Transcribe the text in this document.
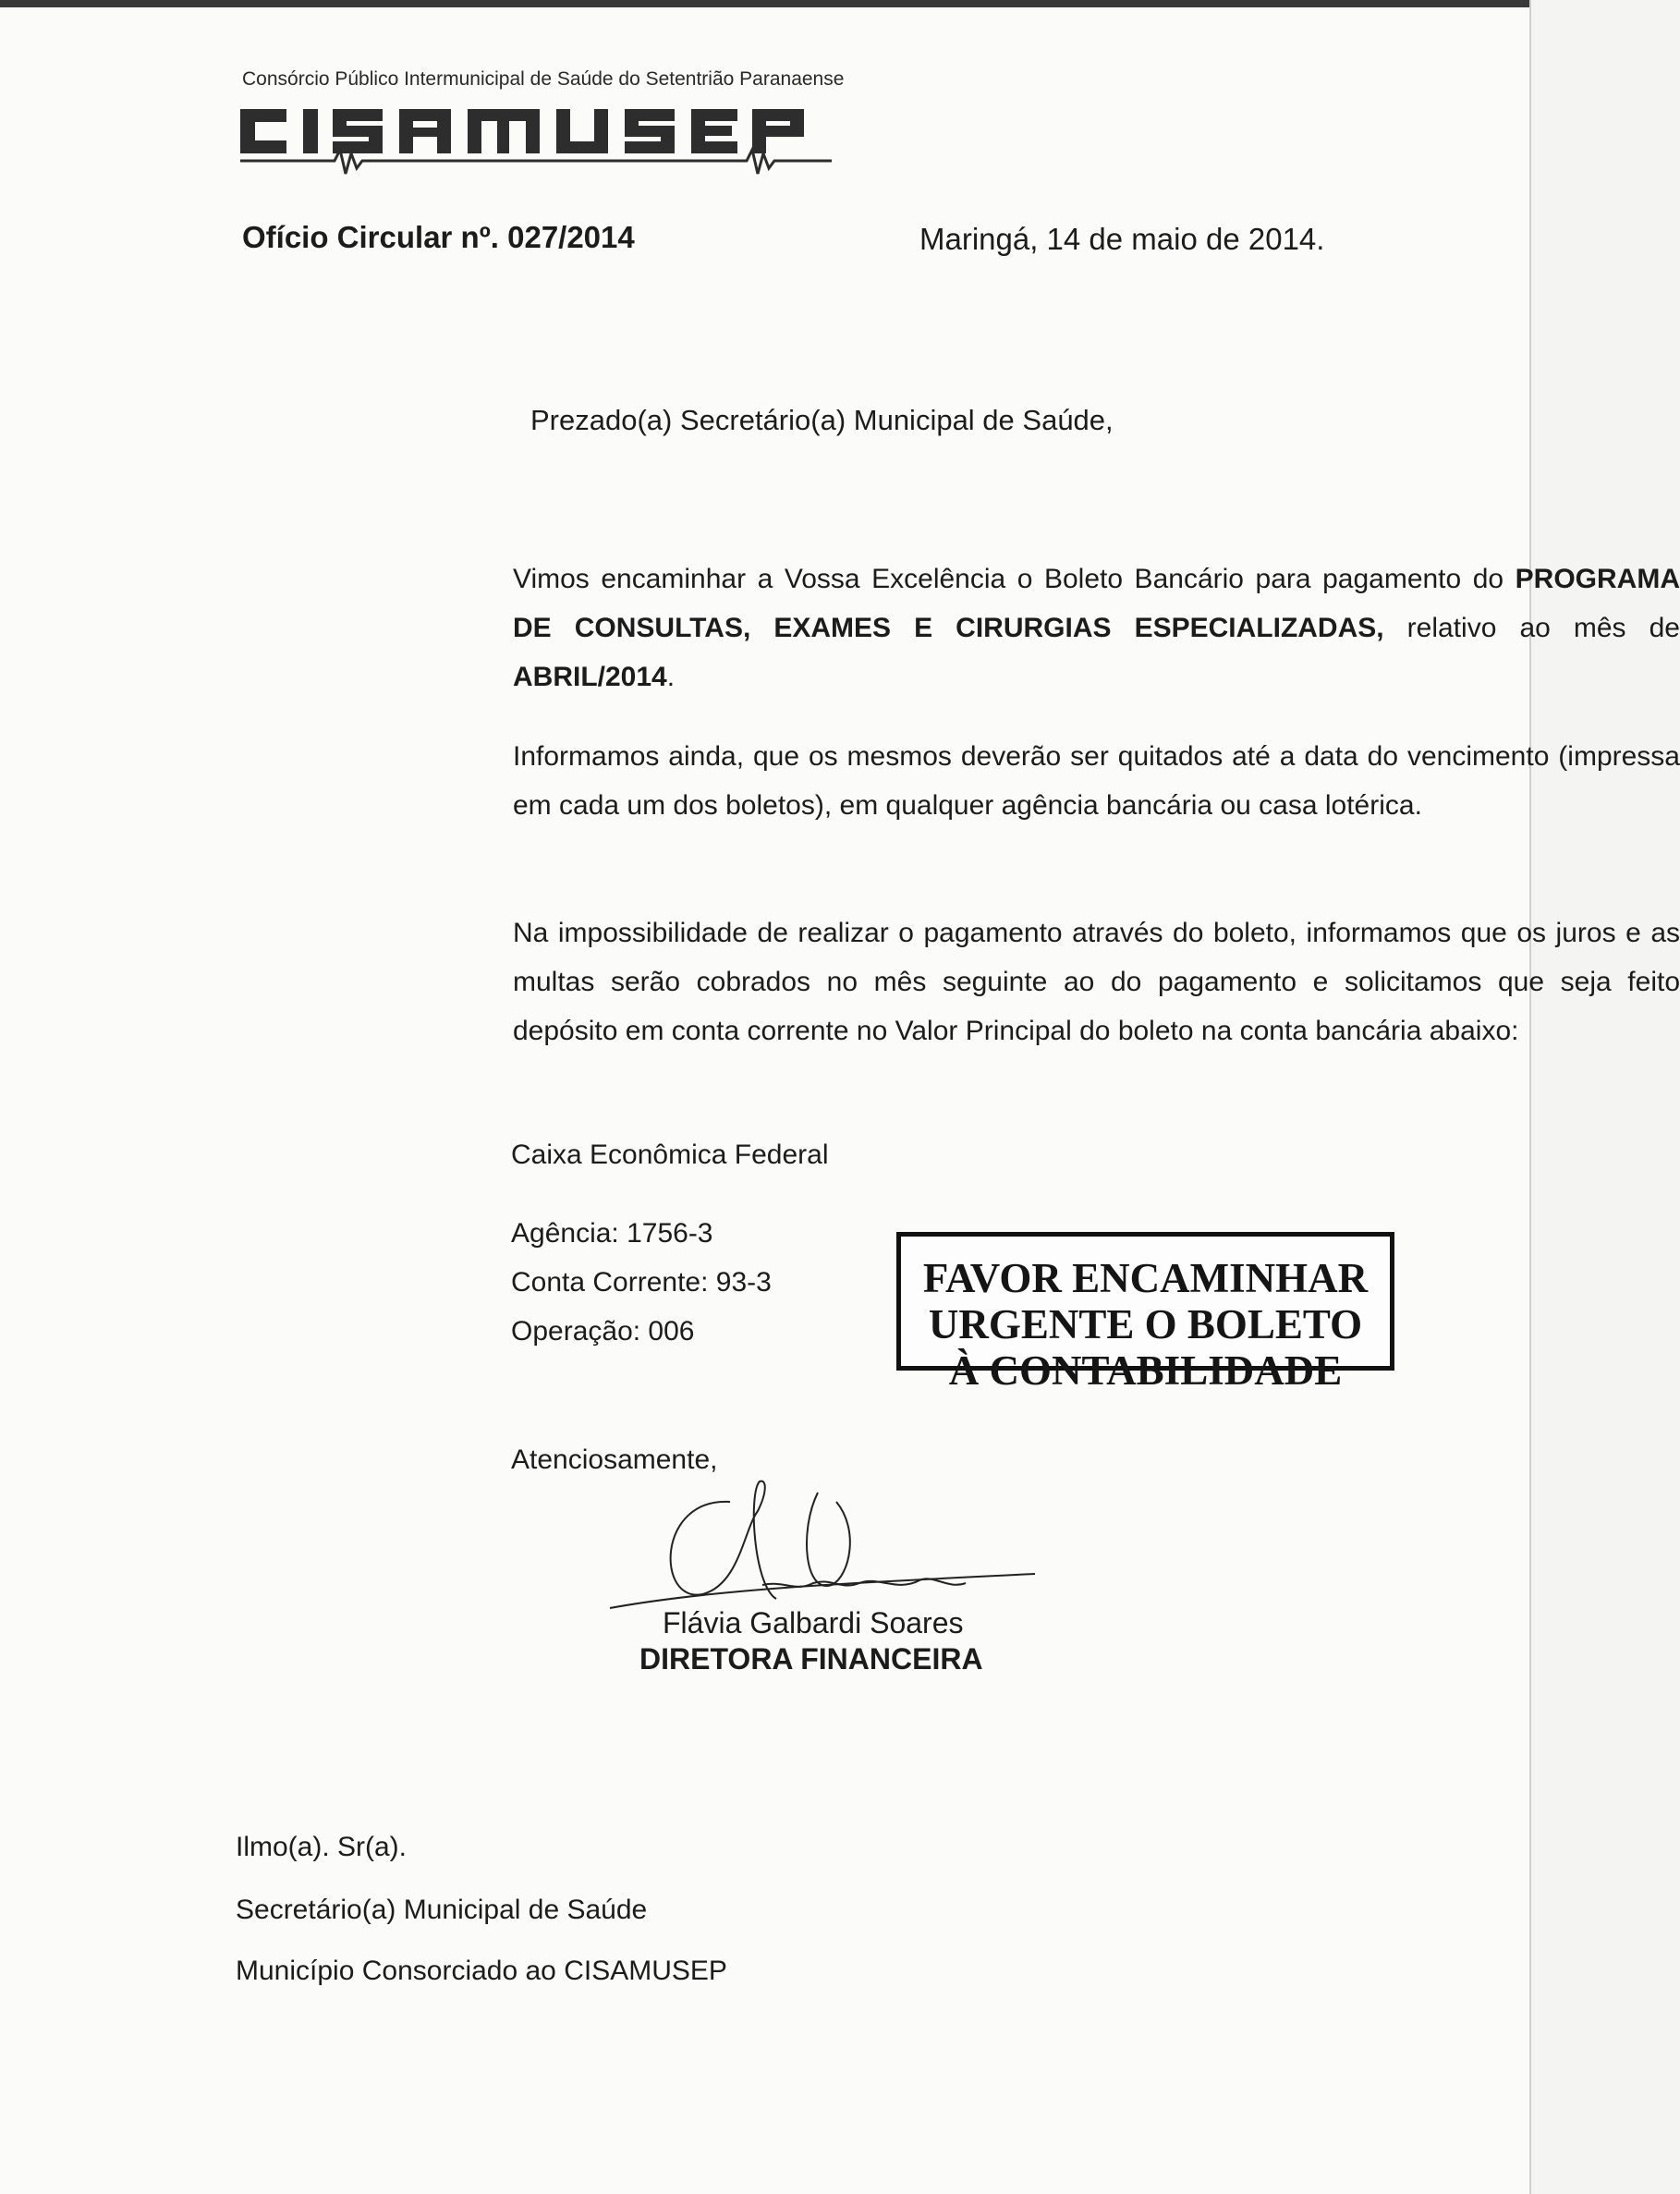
Consórcio Público Intermunicipal de Saúde do Setentrião Paranaense
Ofício Circular nº. 027/2014	Maringá, 14 de maio de 2014.
Prezado(a) Secretário(a) Municipal de Saúde,
Vimos encaminhar a Vossa Excelência o Boleto Bancário para pagamento do PROGRAMA DE CONSULTAS, EXAMES E CIRURGIAS ESPECIALIZADAS, relativo ao mês de ABRIL/2014.
Informamos ainda, que os mesmos deverão ser quitados até a data do vencimento (impressa em cada um dos boletos), em qualquer agência bancária ou casa lotérica.
Na impossibilidade de realizar o pagamento através do boleto, informamos que os juros e as multas serão cobrados no mês seguinte ao do pagamento e solicitamos que seja feito depósito em conta corrente no Valor Principal do boleto na conta bancária abaixo:
Caixa Econômica Federal
Agência: 1756-3
Conta Corrente: 93-3
Operação: 006
FAVOR ENCAMINHAR
URGENTE O BOLETO
À CONTABILIDADE
Atenciosamente,
Flávia Galbardi Soares
DIRETORA FINANCEIRA
Ilmo(a). Sr(a).
Secretário(a) Municipal de Saúde
Município Consorciado ao CISAMUSEP
